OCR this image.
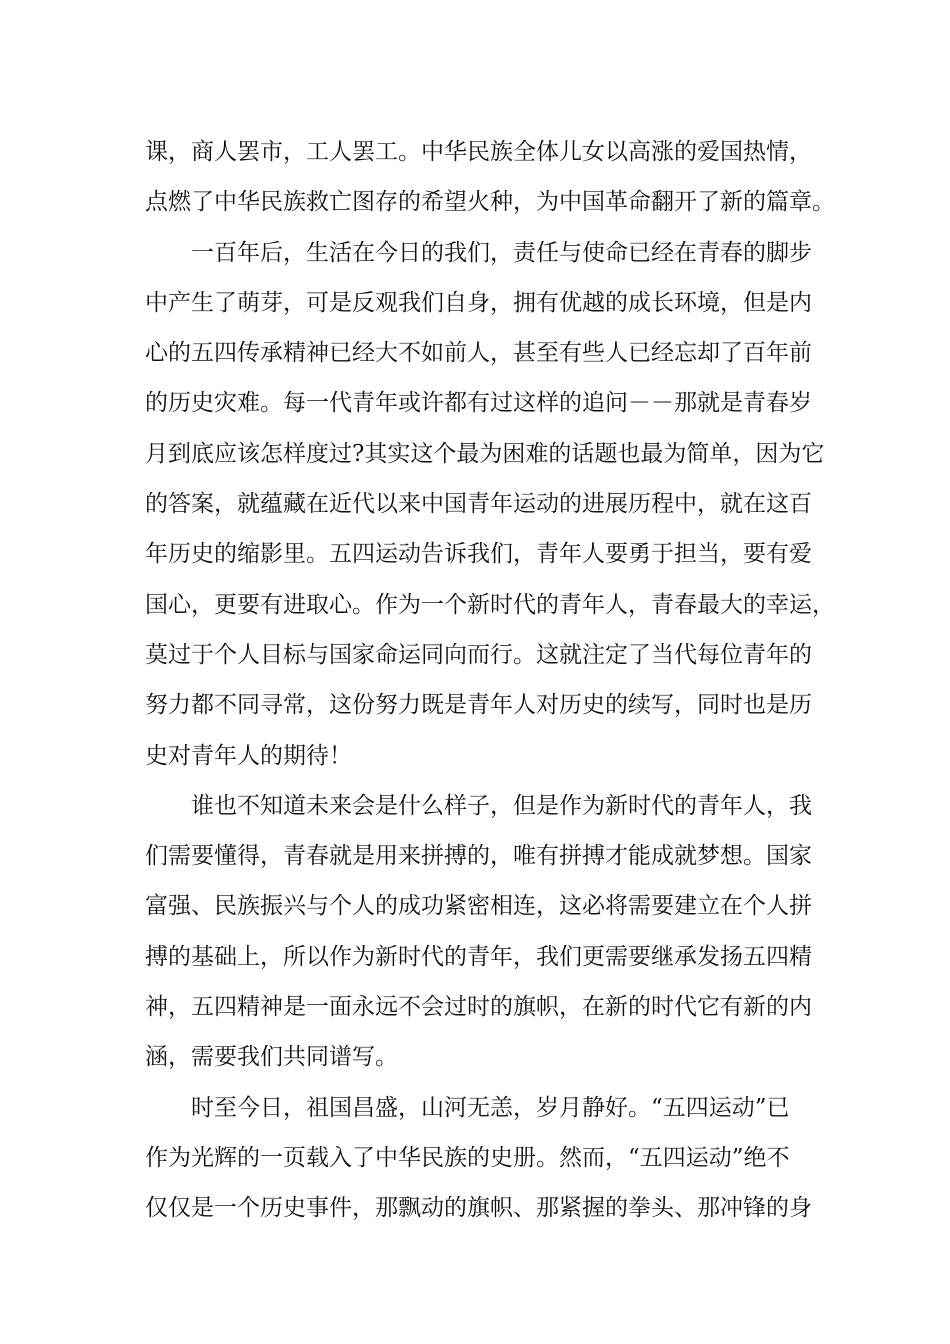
课，商人罢市，工人罢工。中华民族全体儿女以高涨的爱国热情，
点燃了中华民族救亡图存的希望火种，为中国革命翻开了新的篇章。
　　一百年后，生活在今日的我们，责任与使命已经在青春的脚步
中产生了萌芽，可是反观我们自身，拥有优越的成长环境，但是内
心的五四传承精神已经大不如前人，甚至有些人已经忘却了百年前
的历史灾难。每一代青年或许都有过这样的追问－－那就是青春岁
月到底应该怎样度过?其实这个最为困难的话题也最为简单，因为它
的答案，就蕴藏在近代以来中国青年运动的进展历程中，就在这百
年历史的缩影里。五四运动告诉我们，青年人要勇于担当，要有爱
国心，更要有进取心。作为一个新时代的青年人，青春最大的幸运，
莫过于个人目标与国家命运同向而行。这就注定了当代每位青年的
努力都不同寻常，这份努力既是青年人对历史的续写，同时也是历
史对青年人的期待！
　　谁也不知道未来会是什么样子，但是作为新时代的青年人，我
们需要懂得，青春就是用来拼搏的，唯有拼搏才能成就梦想。国家
富强、民族振兴与个人的成功紧密相连，这必将需要建立在个人拼
搏的基础上，所以作为新时代的青年，我们更需要继承发扬五四精
神，五四精神是一面永远不会过时的旗帜，在新的时代它有新的内
涵，需要我们共同谱写。
　　时至今日，祖国昌盛，山河无恙，岁月静好。“五四运动”已
作为光辉的一页载入了中华民族的史册。然而，“五四运动”绝不
仅仅是一个历史事件，那飘动的旗帜、那紧握的拳头、那冲锋的身
